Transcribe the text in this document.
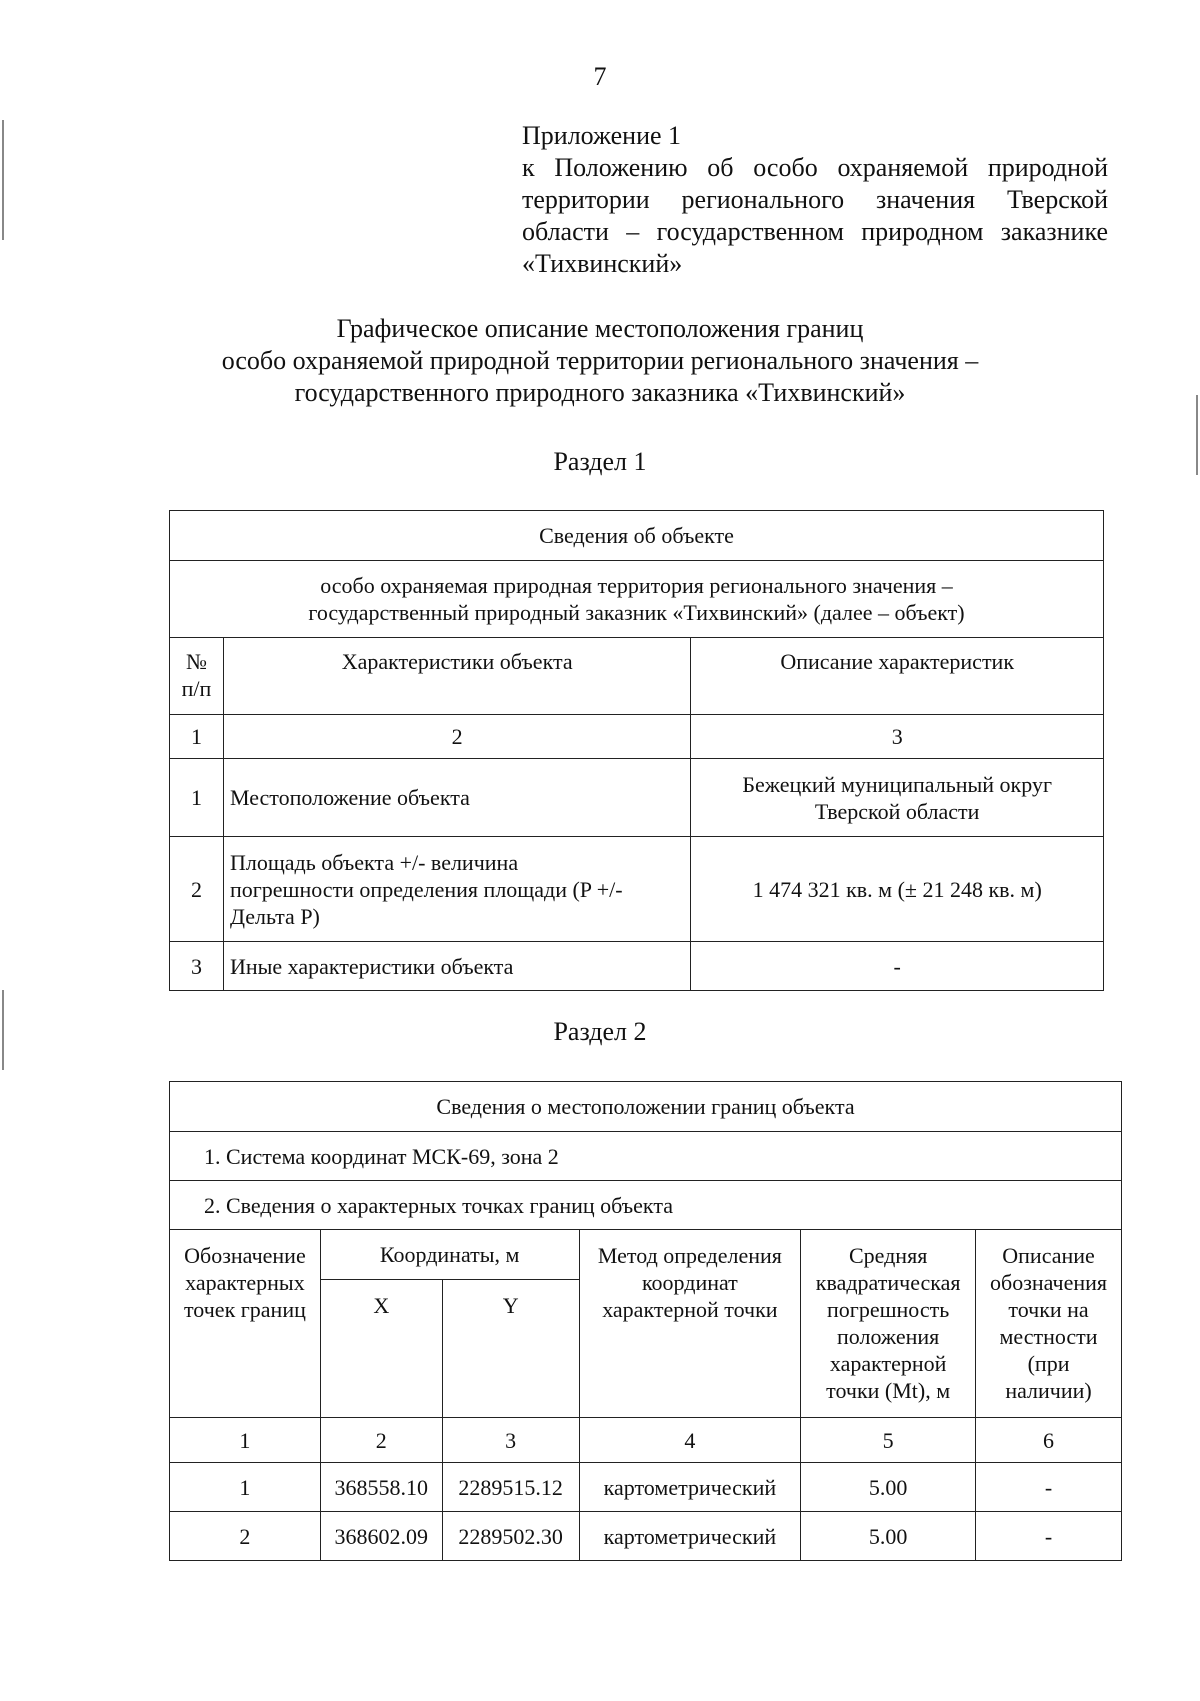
7
Приложение 1
к Положению об особо охраняемой природной территории регионального значения Тверской области – государственном природном заказнике «Тихвинский»
Графическое описание местоположения границ
особо охраняемой природной территории регионального значения –
государственного природного заказника «Тихвинский»
Раздел 1
Сведения об объекте		

особо охраняемая природная территория регионального значения –
государственный природный заказник «Тихвинский» (далее – объект)		

№ п/п	Характеристики объекта	Описание характеристик
1	2	3
1	Местоположение объекта	Бежецкий муниципальный округ Тверской области
2	Площадь объекта +/- величина погрешности определения площади (P +/- Дельта P)	1 474 321 кв. м (± 21 248 кв. м)
3	Иные характеристики объекта	-
Раздел 2
Сведения о местоположении границ объекта					
1. Система координат МСК-69, зона 2					
2. Сведения о характерных точках границ объекта					
Обозначение характерных точек границ	Координаты, м		Метод определения координат характерной точки	Средняя квадратическая погрешность положения характерной точки (Mt), м	Описание обозначения точки на местности (при наличии)
	X	Y			
1	2	3	4	5	6
1	368558.10	2289515.12	картометрический	5.00	-
2	368602.09	2289502.30	картометрический	5.00	-
